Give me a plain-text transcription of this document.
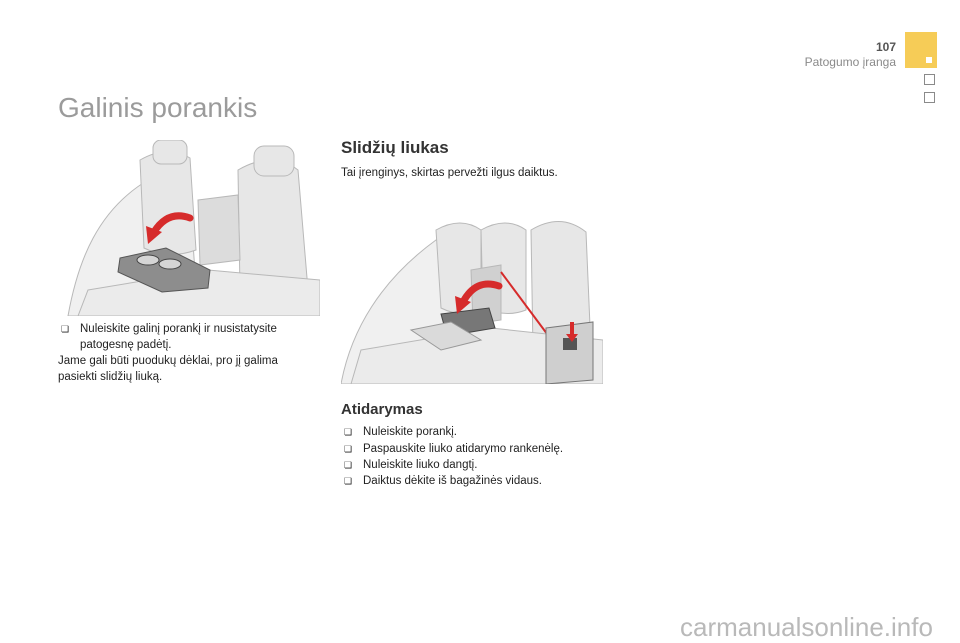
107
Patogumo įranga
Galinis porankis

❏ Nuleiskite galinį porankį ir nusistatysite patogesnę padėtį.

Jame gali būti puodukų dėklai, pro jį galima pasiekti slidžių liuką.

Slidžių liukas

Tai įrenginys, skirtas pervežti ilgus daiktus.

Atidarymas

❏ Nuleiskite porankį.

❏ Paspauskite liuko atidarymo rankenėlę.

❏ Nuleiskite liuko dangtį.

❏ Daiktus dėkite iš bagažinės vidaus.

carmanualsonline.info
